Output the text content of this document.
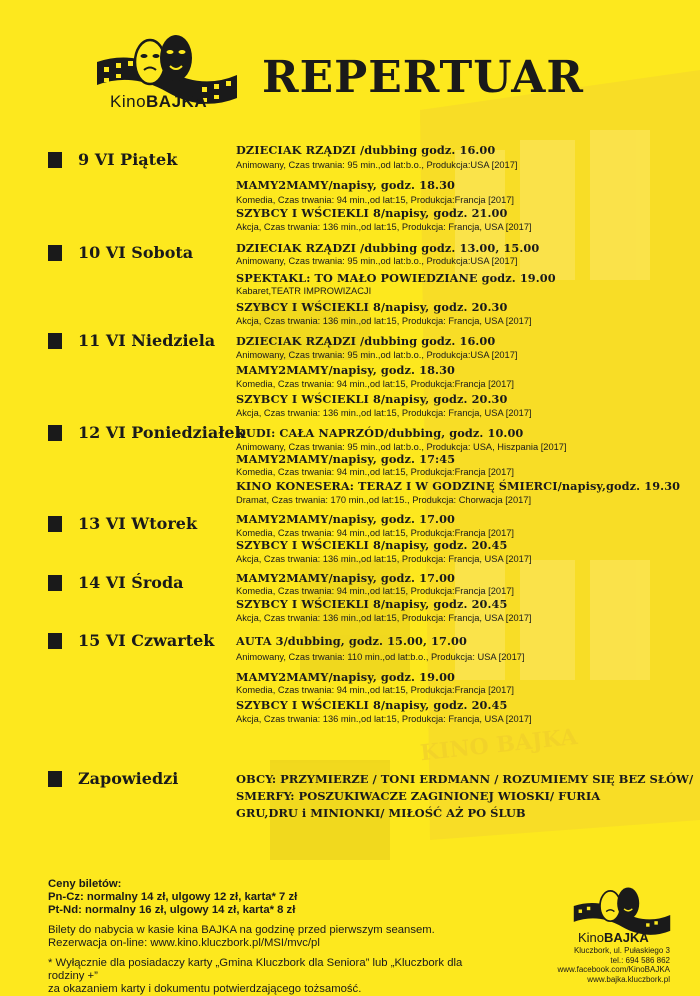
KINO BAJKA
KinoBAJKA REPERTUAR
9 VI Piątek	DZIECIAK RZĄDZI /dubbing godz. 16.00
Animowany, Czas trwania: 95 min.,od lat:b.o., Produkcja:USA [2017]
MAMY2MAMY/napisy, godz. 18.30
Komedia, Czas trwania: 94 min.,od lat:15, Produkcja:Francja [2017]
SZYBCY I WŚCIEKLI 8/napisy, godz. 21.00
Akcja, Czas trwania: 136 min.,od lat:15, Produkcja: Francja, USA [2017]
10 VI Sobota	DZIECIAK RZĄDZI /dubbing godz. 13.00, 15.00
Animowany, Czas trwania: 95 min.,od lat:b.o., Produkcja:USA [2017]
SPEKTAKL: TO MAŁO POWIEDZIANE godz. 19.00
Kabaret,TEATR IMPROWIZACJI
SZYBCY I WŚCIEKLI 8/napisy, godz. 20.30
Akcja, Czas trwania: 136 min.,od lat:15, Produkcja: Francja, USA [2017]
11 VI Niedziela DZIECIAK RZĄDZI /dubbing godz. 16.00
Animowany, Czas trwania: 95 min.,od lat:b.o., Produkcja:USA [2017]
MAMY2MAMY/napisy, godz. 18.30
Komedia, Czas trwania: 94 min.,od lat:15, Produkcja:Francja [2017]
SZYBCY I WŚCIEKLI 8/napisy, godz. 20.30
Akcja, Czas trwania: 136 min.,od lat:15, Produkcja: Francja, USA [2017]
12 VI Poniedziałek
DUDI: CAŁA NAPRZÓD/dubbing, godz. 10.00
Animowany, Czas trwania: 95 min.,od lat:b.o., Produkcja: USA, Hiszpania [2017]
MAMY2MAMY/napisy, godz. 17:45
Komedia, Czas trwania: 94 min.,od lat:15, Produkcja:Francja [2017]
KINO KONESERA: TERAZ I W GODZINĘ ŚMIERCI/napisy,godz. 19.30
Dramat, Czas trwania: 170 min.,od lat:15., Produkcja: Chorwacja [2017]
13 VI Wtorek	MAMY2MAMY/napisy, godz. 17.00
Komedia, Czas trwania: 94 min.,od lat:15, Produkcja:Francja [2017]
SZYBCY I WŚCIEKLI 8/napisy, godz. 20.45
Akcja, Czas trwania: 136 min.,od lat:15, Produkcja: Francja, USA [2017]
14 VI Środa	MAMY2MAMY/napisy, godz. 17.00
Komedia, Czas trwania: 94 min.,od lat:15, Produkcja:Francja [2017]
SZYBCY I WŚCIEKLI 8/napisy, godz. 20.45
Akcja, Czas trwania: 136 min.,od lat:15, Produkcja: Francja, USA [2017]
15 VI Czwartek AUTA 3/dubbing, godz. 15.00, 17.00
Animowany, Czas trwania: 110 min.,od lat:b.o., Produkcja: USA [2017]
MAMY2MAMY/napisy, godz. 19.00
Komedia, Czas trwania: 94 min.,od lat:15, Produkcja:Francja [2017]
SZYBCY I WŚCIEKLI 8/napisy, godz. 20.45
Akcja, Czas trwania: 136 min.,od lat:15, Produkcja: Francja, USA [2017]
Zapowiedzi	OBCY: PRZYMIERZE / TONI ERDMANN / ROZUMIEMY SIĘ BEZ SŁÓW/
SMERFY: POSZUKIWACZE ZAGINIONEJ WIOSKI/ FURIA
GRU,DRU i MINIONKI/ MIŁOŚĆ AŻ PO ŚLUB
Ceny biletów:
Pn-Cz: normalny 14 zł, ulgowy 12 zł, karta* 7 zł
Pt-Nd: normalny 16 zł, ulgowy 14 zł, karta* 8 zł
Bilety do nabycia w kasie kina BAJKA na godzinę przed pierwszym seansem.
Rezerwacja on-line: www.kino.kluczbork.pl/MSI/mvc/pl
* Wyłącznie dla posiadaczy karty „Gmina Kluczbork dla Seniora” lub „Kluczbork dla rodziny +”
za okazaniem karty i dokumentu potwierdzającego tożsamość.
KinoBAJKA
Kluczbork, ul. Pułaskiego 3
tel.: 694 586 862
www.facebook.com/KinoBAJKA
www.bajka.kluczbork.pl
